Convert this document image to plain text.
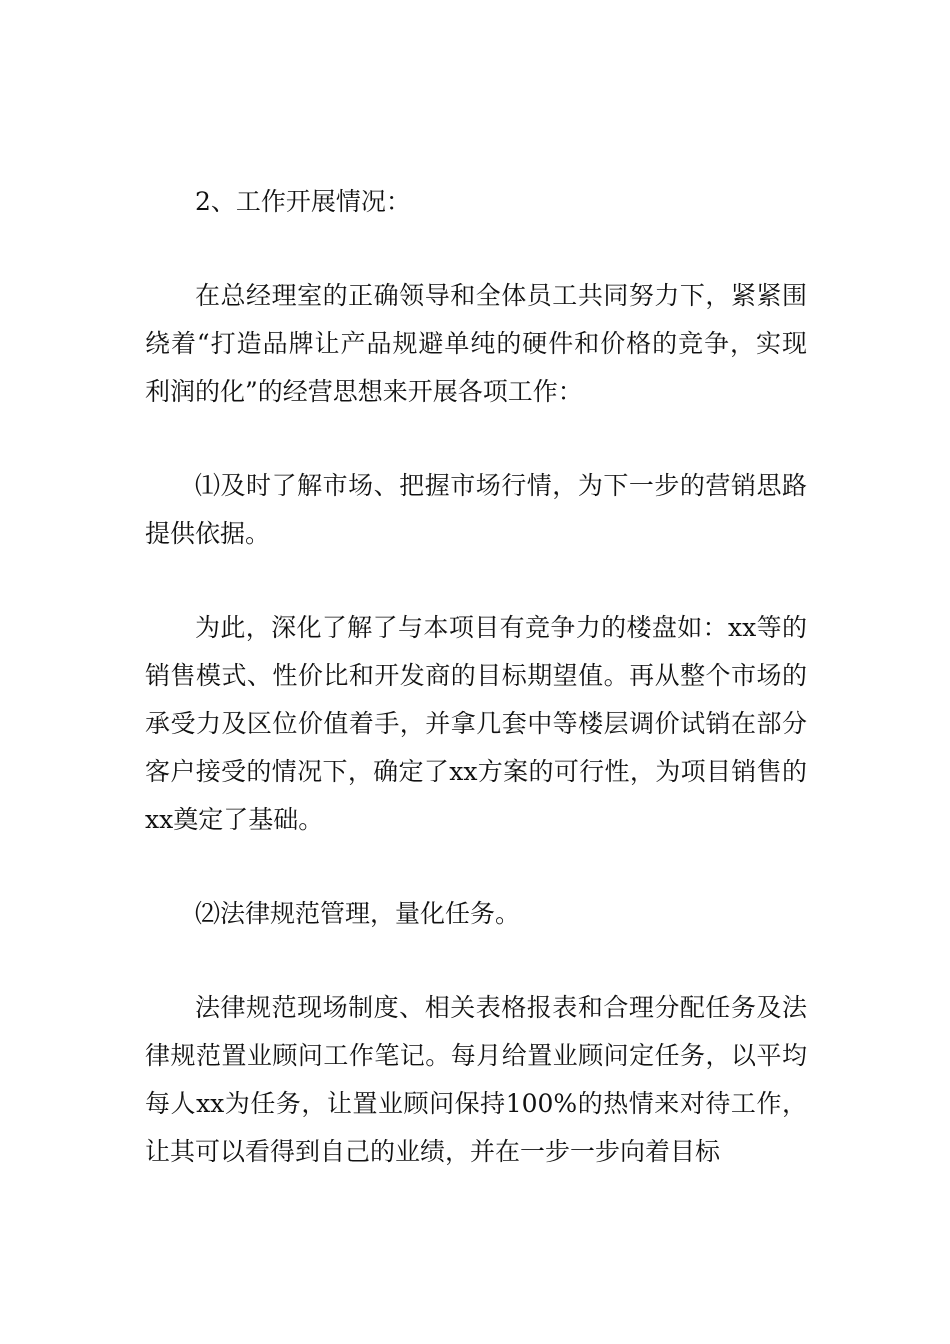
2、工作开展情况：

在总经理室的正确领导和全体员工共同努力下，紧紧围绕着“打造品牌让产品规避单纯的硬件和价格的竞争，实现利润的化”的经营思想来开展各项工作：

⑴及时了解市场、把握市场行情，为下一步的营销思路提供依据。

为此，深化了解了与本项目有竞争力的楼盘如：xx等的销售模式、性价比和开发商的目标期望值。再从整个市场的承受力及区位价值着手，并拿几套中等楼层调价试销在部分客户接受的情况下，确定了xx方案的可行性，为项目销售的xx奠定了基础。

⑵法律规范管理，量化任务。

法律规范现场制度、相关表格报表和合理分配任务及法律规范置业顾问工作笔记。每月给置业顾问定任务，以平均每人xx为任务，让置业顾问保持100%的热情来对待工作，让其可以看得到自己的业绩，并在一步一步向着目标
